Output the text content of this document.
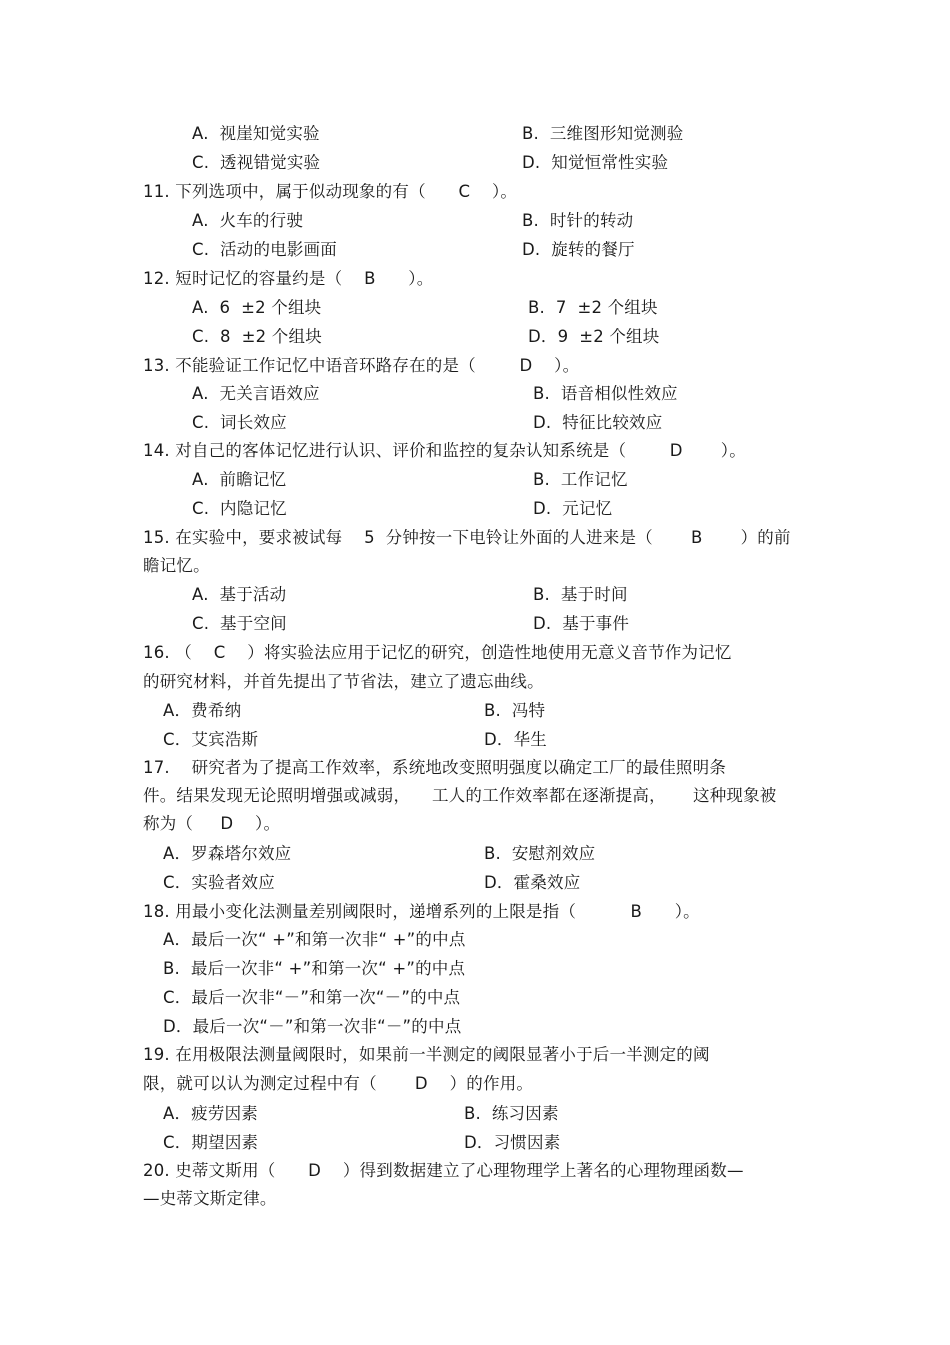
A.  视崖知觉实验	B.  三维图形知觉测验
C.  透视错觉实验	D.  知觉恒常性实验
11. 下列选项中，属于似动现象的有（      C    ）。
A.  火车的行驶	B.  时针的转动
C.  活动的电影画面	D.  旋转的餐厅
12. 短时记忆的容量约是（    B      ）。
A.  6  ±2 个组块	B.  7  ±2 个组块
C.  8  ±2 个组块	D．9  ±2 个组块
13. 不能验证工作记忆中语音环路存在的是（        D    ）。
A.  无关言语效应	B.  语音相似性效应
C.  词长效应	D.  特征比较效应
14. 对自己的客体记忆进行认识、评价和监控的复杂认知系统是（        D       ）。
A.  前瞻记忆	B.  工作记忆
C.  内隐记忆	D.  元记忆
15. 在实验中，要求被试每    5  分钟按一下电铃让外面的人进来是（       B       ）的前
瞻记忆。
A.  基于活动	B.  基于时间
C.  基于空间	D.  基于事件
16. （    C    ）将实验法应用于记忆的研究，创造性地使用无意义音节作为记忆
的研究材料，并首先提出了节省法，建立了遗忘曲线。
A．费希纳	B.  冯特
C．艾宾浩斯	D．华生
17.    研究者为了提高工作效率，系统地改变照明强度以确定工厂的最佳照明条
件。结果发现无论照明增强或减弱，    工人的工作效率都在逐渐提高，     这种现象被
称为（     D    ）。
A．罗森塔尔效应	B.  安慰剂效应
C．实验者效应	D．霍桑效应
18. 用最小变化法测量差别阈限时，递增系列的上限是指（          B      ）。
A．最后一次“ +”和第一次非“ +”的中点
B.  最后一次非“ +”和第一次“ +”的中点
C．最后一次非“－”和第一次“－”的中点
D．最后一次“－”和第一次非“－”的中点
19. 在用极限法测量阈限时，如果前一半测定的阈限显著小于后一半测定的阈
限，就可以认为测定过程中有（       D    ）的作用。
A．疲劳因素	B.  练习因素
C．期望因素	D．习惯因素
20. 史蒂文斯用（      D    ）得到数据建立了心理物理学上著名的心理物理函数—
—史蒂文斯定律。
